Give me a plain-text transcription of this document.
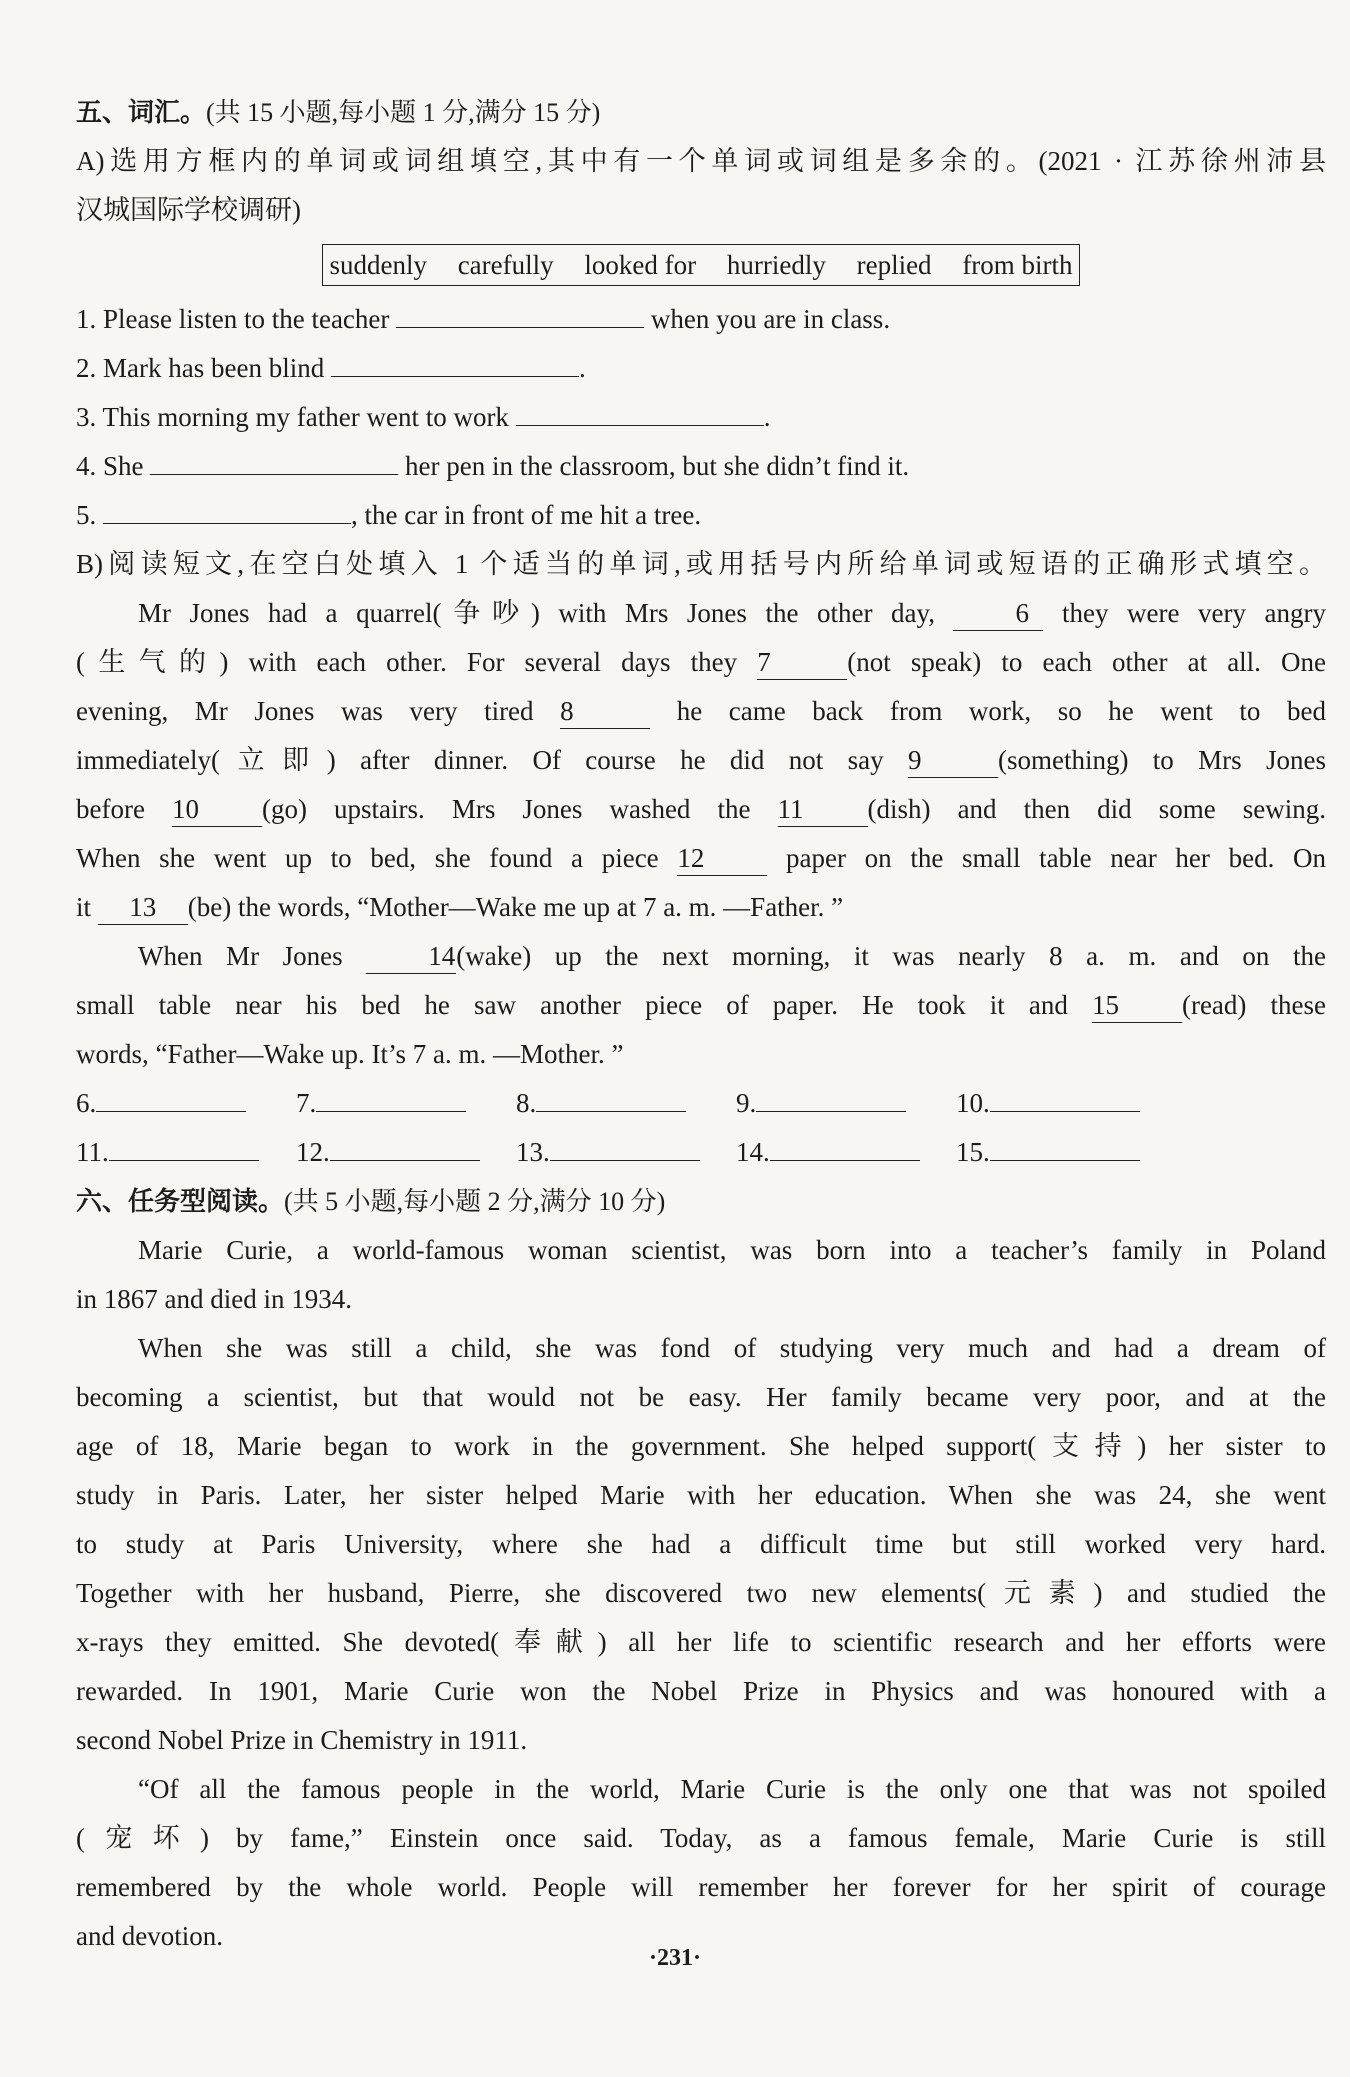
五、词汇。(共 15 小题,每小题 1 分,满分 15 分)
A)选用方框内的单词或词组填空,其中有一个单词或词组是多余的。(2021 · 江苏徐州沛县
汉城国际学校调研)
suddenly carefully looked for hurriedly replied from birth
1. Please listen to the teacher	when you are in class.
2. Mark has been blind	.
3. This morning my father went to work	.
4. She	her pen in the classroom, but she didn’t find it.
5.	, the car in front of me hit a tree.
B)阅读短文,在空白处填入 1 个适当的单词,或用括号内所给单词或短语的正确形式填空。
Mr Jones had a quarrel(争吵) with Mrs Jones the other day, 6 they were very angry
(生气的) with each other. For several days they 7	(not speak) to each other at all. One
evening, Mr Jones was very tired 8	he came back from work, so he went to bed
immediately(立即) after dinner. Of course he did not say 9	(something) to Mrs Jones
before 10 (go) upstairs. Mrs Jones washed the 11 (dish) and then did some sewing.
When she went up to bed, she found a piece 12 paper on the small table near her bed. On
it 13 (be) the words, “Mother—Wake me up at 7 a. m. —Father. ”
When Mr Jones 14(wake) up the next morning, it was nearly 8 a. m. and on the
small table near his bed he saw another piece of paper. He took it and 15 (read) these
words, “Father—Wake up. It’s 7 a. m. —Mother. ”
6.	7.	8.	9.	10.
11.	12.	13.	14.	15.
六、任务型阅读。(共 5 小题,每小题 2 分,满分 10 分)
Marie Curie, a world-famous woman scientist, was born into a teacher’s family in Poland
in 1867 and died in 1934.
When she was still a child, she was fond of studying very much and had a dream of
becoming a scientist, but that would not be easy. Her family became very poor, and at the
age of 18, Marie began to work in the government. She helped support(支持) her sister to
study in Paris. Later, her sister helped Marie with her education. When she was 24, she went
to study at Paris University, where she had a difficult time but still worked very hard.
Together with her husband, Pierre, she discovered two new elements(元素) and studied the
x-rays they emitted. She devoted(奉献) all her life to scientific research and her efforts were
rewarded. In 1901, Marie Curie won the Nobel Prize in Physics and was honoured with a
second Nobel Prize in Chemistry in 1911.
“Of all the famous people in the world, Marie Curie is the only one that was not spoiled
(宠坏) by fame,” Einstein once said. Today, as a famous female, Marie Curie is still
remembered by the whole world. People will remember her forever for her spirit of courage
and devotion.
·231·
